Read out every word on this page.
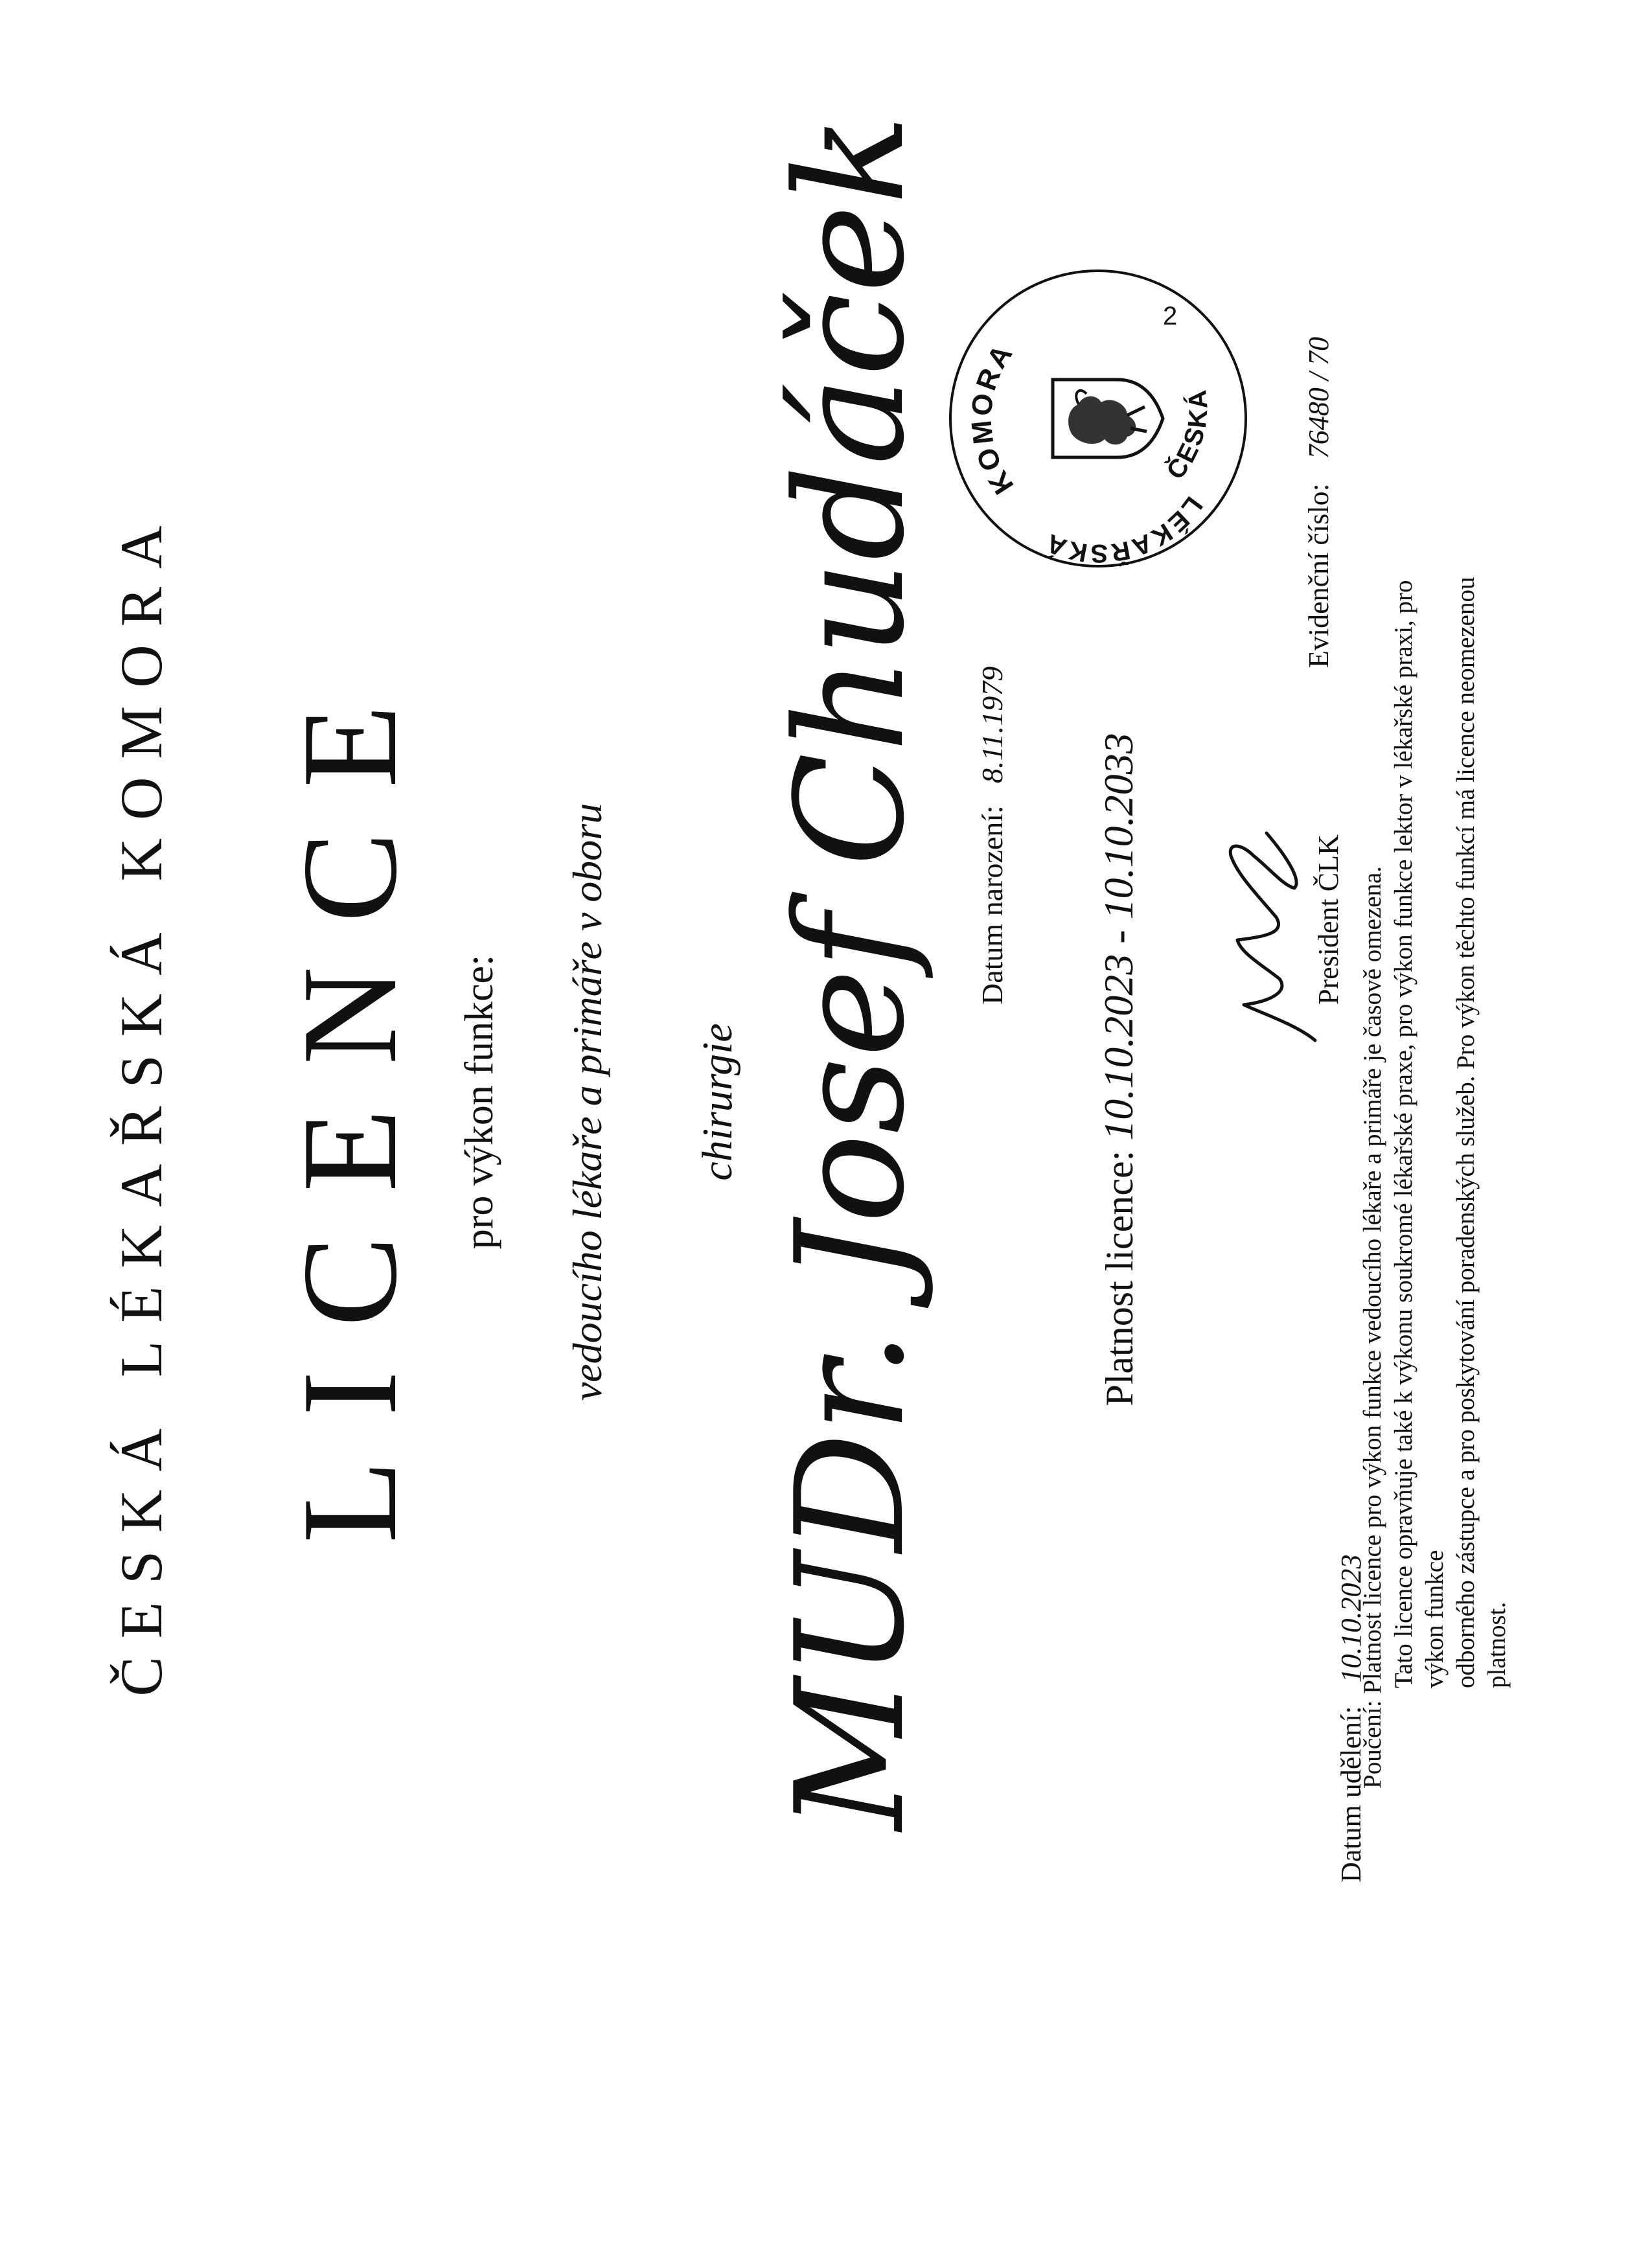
ČESKÁ LÉKAŘSKÁ KOMORA LICENCE pro výkon funkce: vedoucího lékaře a primáře v oboru chirurgie MUDr. Josef Chudáček Datum narození:8.11.1979
Platnost licence: 10.10.2023 - 10.10.2033
Datum udělení:10.10.2023
President ČLK
Evidenční číslo:76480 / 70
KOMORA
LÉKAŘSKÁ
ČESKÁ
2
Poučení: Platnost licence pro výkon funkce vedoucího lékaře a primáře je časově omezena. Tato licence opravňuje také k výkonu soukromé lékařské praxe, pro výkon funkce lektor v lékařské praxi, pro výkon funkce odborného zástupce a pro poskytování poradenských služeb. Pro výkon těchto funkcí má licence neomezenou platnost.
